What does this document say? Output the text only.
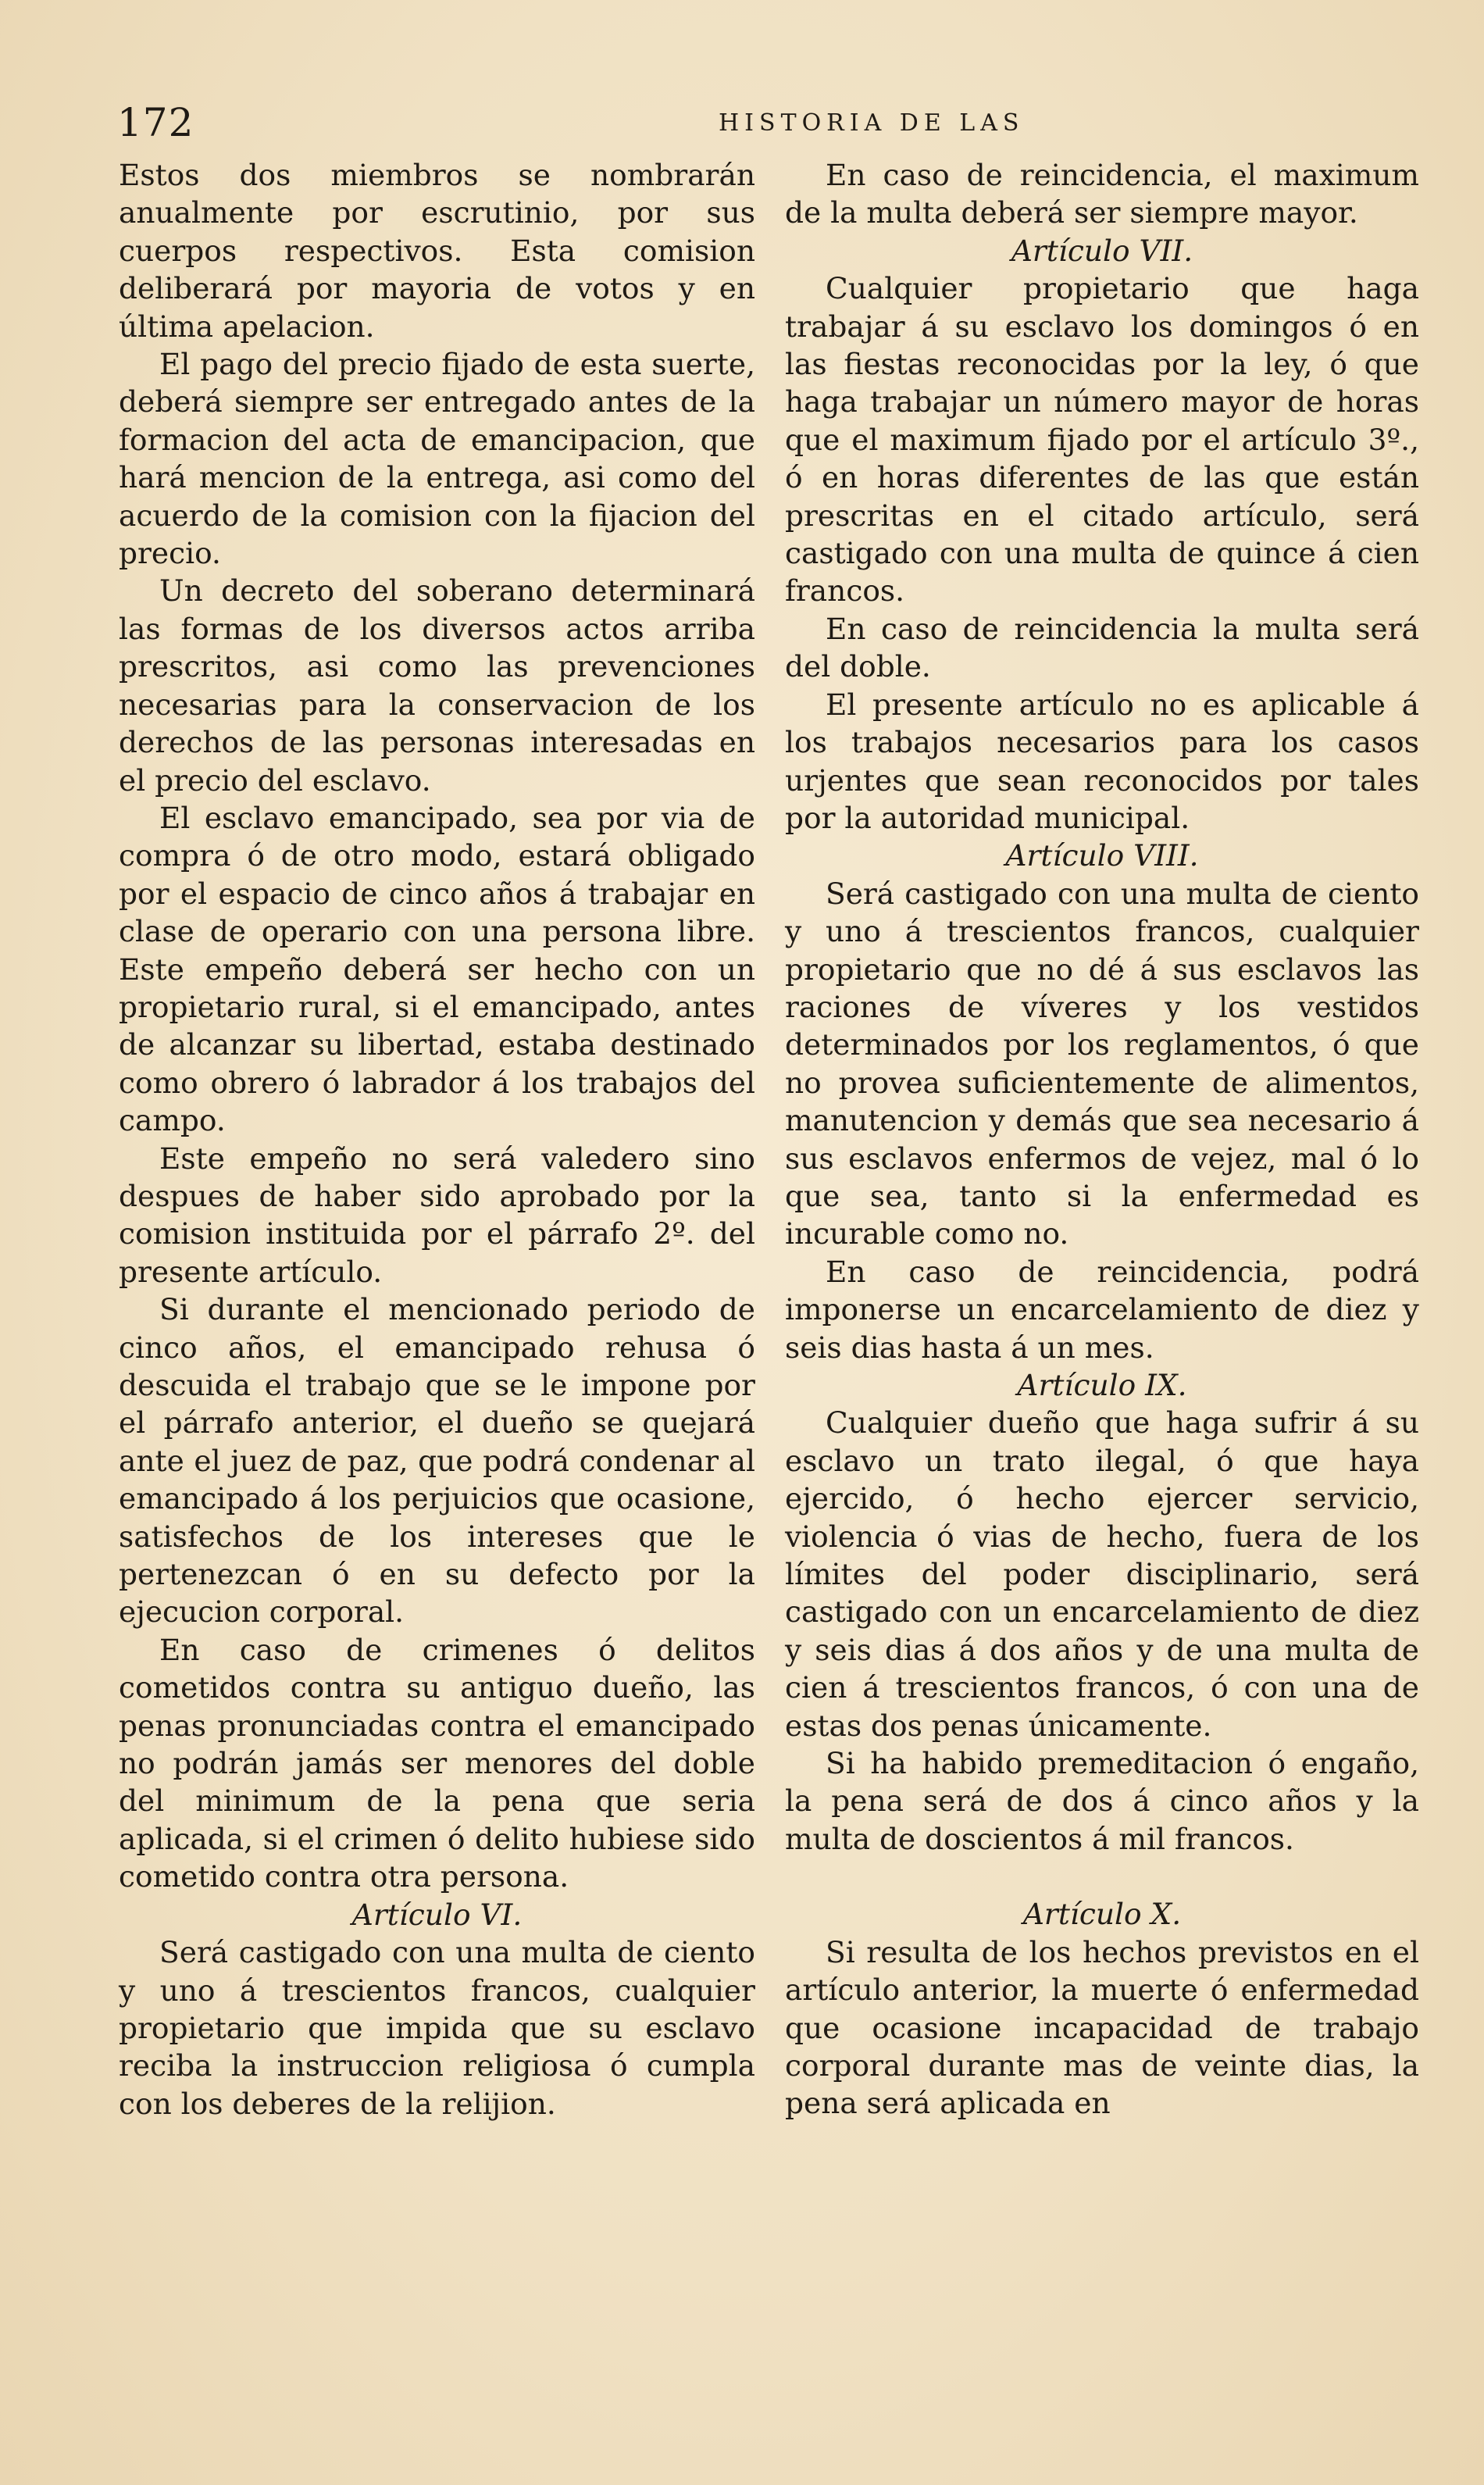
172	HISTORIA DE LAS

Estos dos miembros se nombrarán anualmente por escrutinio, por sus cuerpos respectivos. Esta comision deliberará por mayoria de votos y en última apelacion.

El pago del precio fijado de esta suerte, deberá siempre ser entregado antes de la formacion del acta de emancipacion, que hará mencion de la entrega, asi como del acuerdo de la comision con la fijacion del precio.

Un decreto del soberano determinará las formas de los diversos actos arriba prescritos, asi como las prevenciones necesarias para la conservacion de los derechos de las personas interesadas en el precio del esclavo.

El esclavo emancipado, sea por via de compra ó de otro modo, estará obligado por el espacio de cinco años á trabajar en clase de operario con una persona libre. Este empeño deberá ser hecho con un propietario rural, si el emancipado, antes de alcanzar su libertad, estaba destinado como obrero ó labrador á los trabajos del campo.

Este empeño no será valedero sino despues de haber sido aprobado por la comision instituida por el párrafo 2º. del presente artículo.

Si durante el mencionado periodo de cinco años, el emancipado rehusa ó descuida el trabajo que se le impone por el párrafo anterior, el dueño se quejará ante el juez de paz, que podrá condenar al emancipado á los perjuicios que ocasione, satisfechos de los intereses que le pertenezcan ó en su defecto por la ejecucion corporal.

En caso de crimenes ó delitos cometidos contra su antiguo dueño, las penas pronunciadas contra el emancipado no podrán jamás ser menores del doble del minimum de la pena que seria aplicada, si el crimen ó delito hubiese sido cometido contra otra persona.

Artículo VI.

Será castigado con una multa de ciento y uno á trescientos francos, cualquier propietario que impida que su esclavo reciba la instruccion religiosa ó cumpla con los deberes de la relijion.

En caso de reincidencia, el maximum de la multa deberá ser siempre mayor.

Artículo VII.

Cualquier propietario que haga trabajar á su esclavo los domingos ó en las fiestas reconocidas por la ley, ó que haga trabajar un número mayor de horas que el maximum fijado por el artículo 3º., ó en horas diferentes de las que están prescritas en el citado artículo, será castigado con una multa de quince á cien francos.

En caso de reincidencia la multa será del doble.

El presente artículo no es aplicable á los trabajos necesarios para los casos urjentes que sean reconocidos por tales por la autoridad municipal.

Artículo VIII.

Será castigado con una multa de ciento y uno á trescientos francos, cualquier propietario que no dé á sus esclavos las raciones de víveres y los vestidos determinados por los reglamentos, ó que no provea suficientemente de alimentos, manutencion y demás que sea necesario á sus esclavos enfermos de vejez, mal ó lo que sea, tanto si la enfermedad es incurable como no.

En caso de reincidencia, podrá imponerse un encarcelamiento de diez y seis dias hasta á un mes.

Artículo IX.

Cualquier dueño que haga sufrir á su esclavo un trato ilegal, ó que haya ejercido, ó hecho ejercer servicio, violencia ó vias de hecho, fuera de los límites del poder disciplinario, será castigado con un encarcelamiento de diez y seis dias á dos años y de una multa de cien á trescientos francos, ó con una de estas dos penas únicamente.

Si ha habido premeditacion ó engaño, la pena será de dos á cinco años y la multa de doscientos á mil francos.

Artículo X.

Si resulta de los hechos previstos en el artículo anterior, la muerte ó enfermedad que ocasione incapacidad de trabajo corporal durante mas de veinte dias, la pena será aplicada en
